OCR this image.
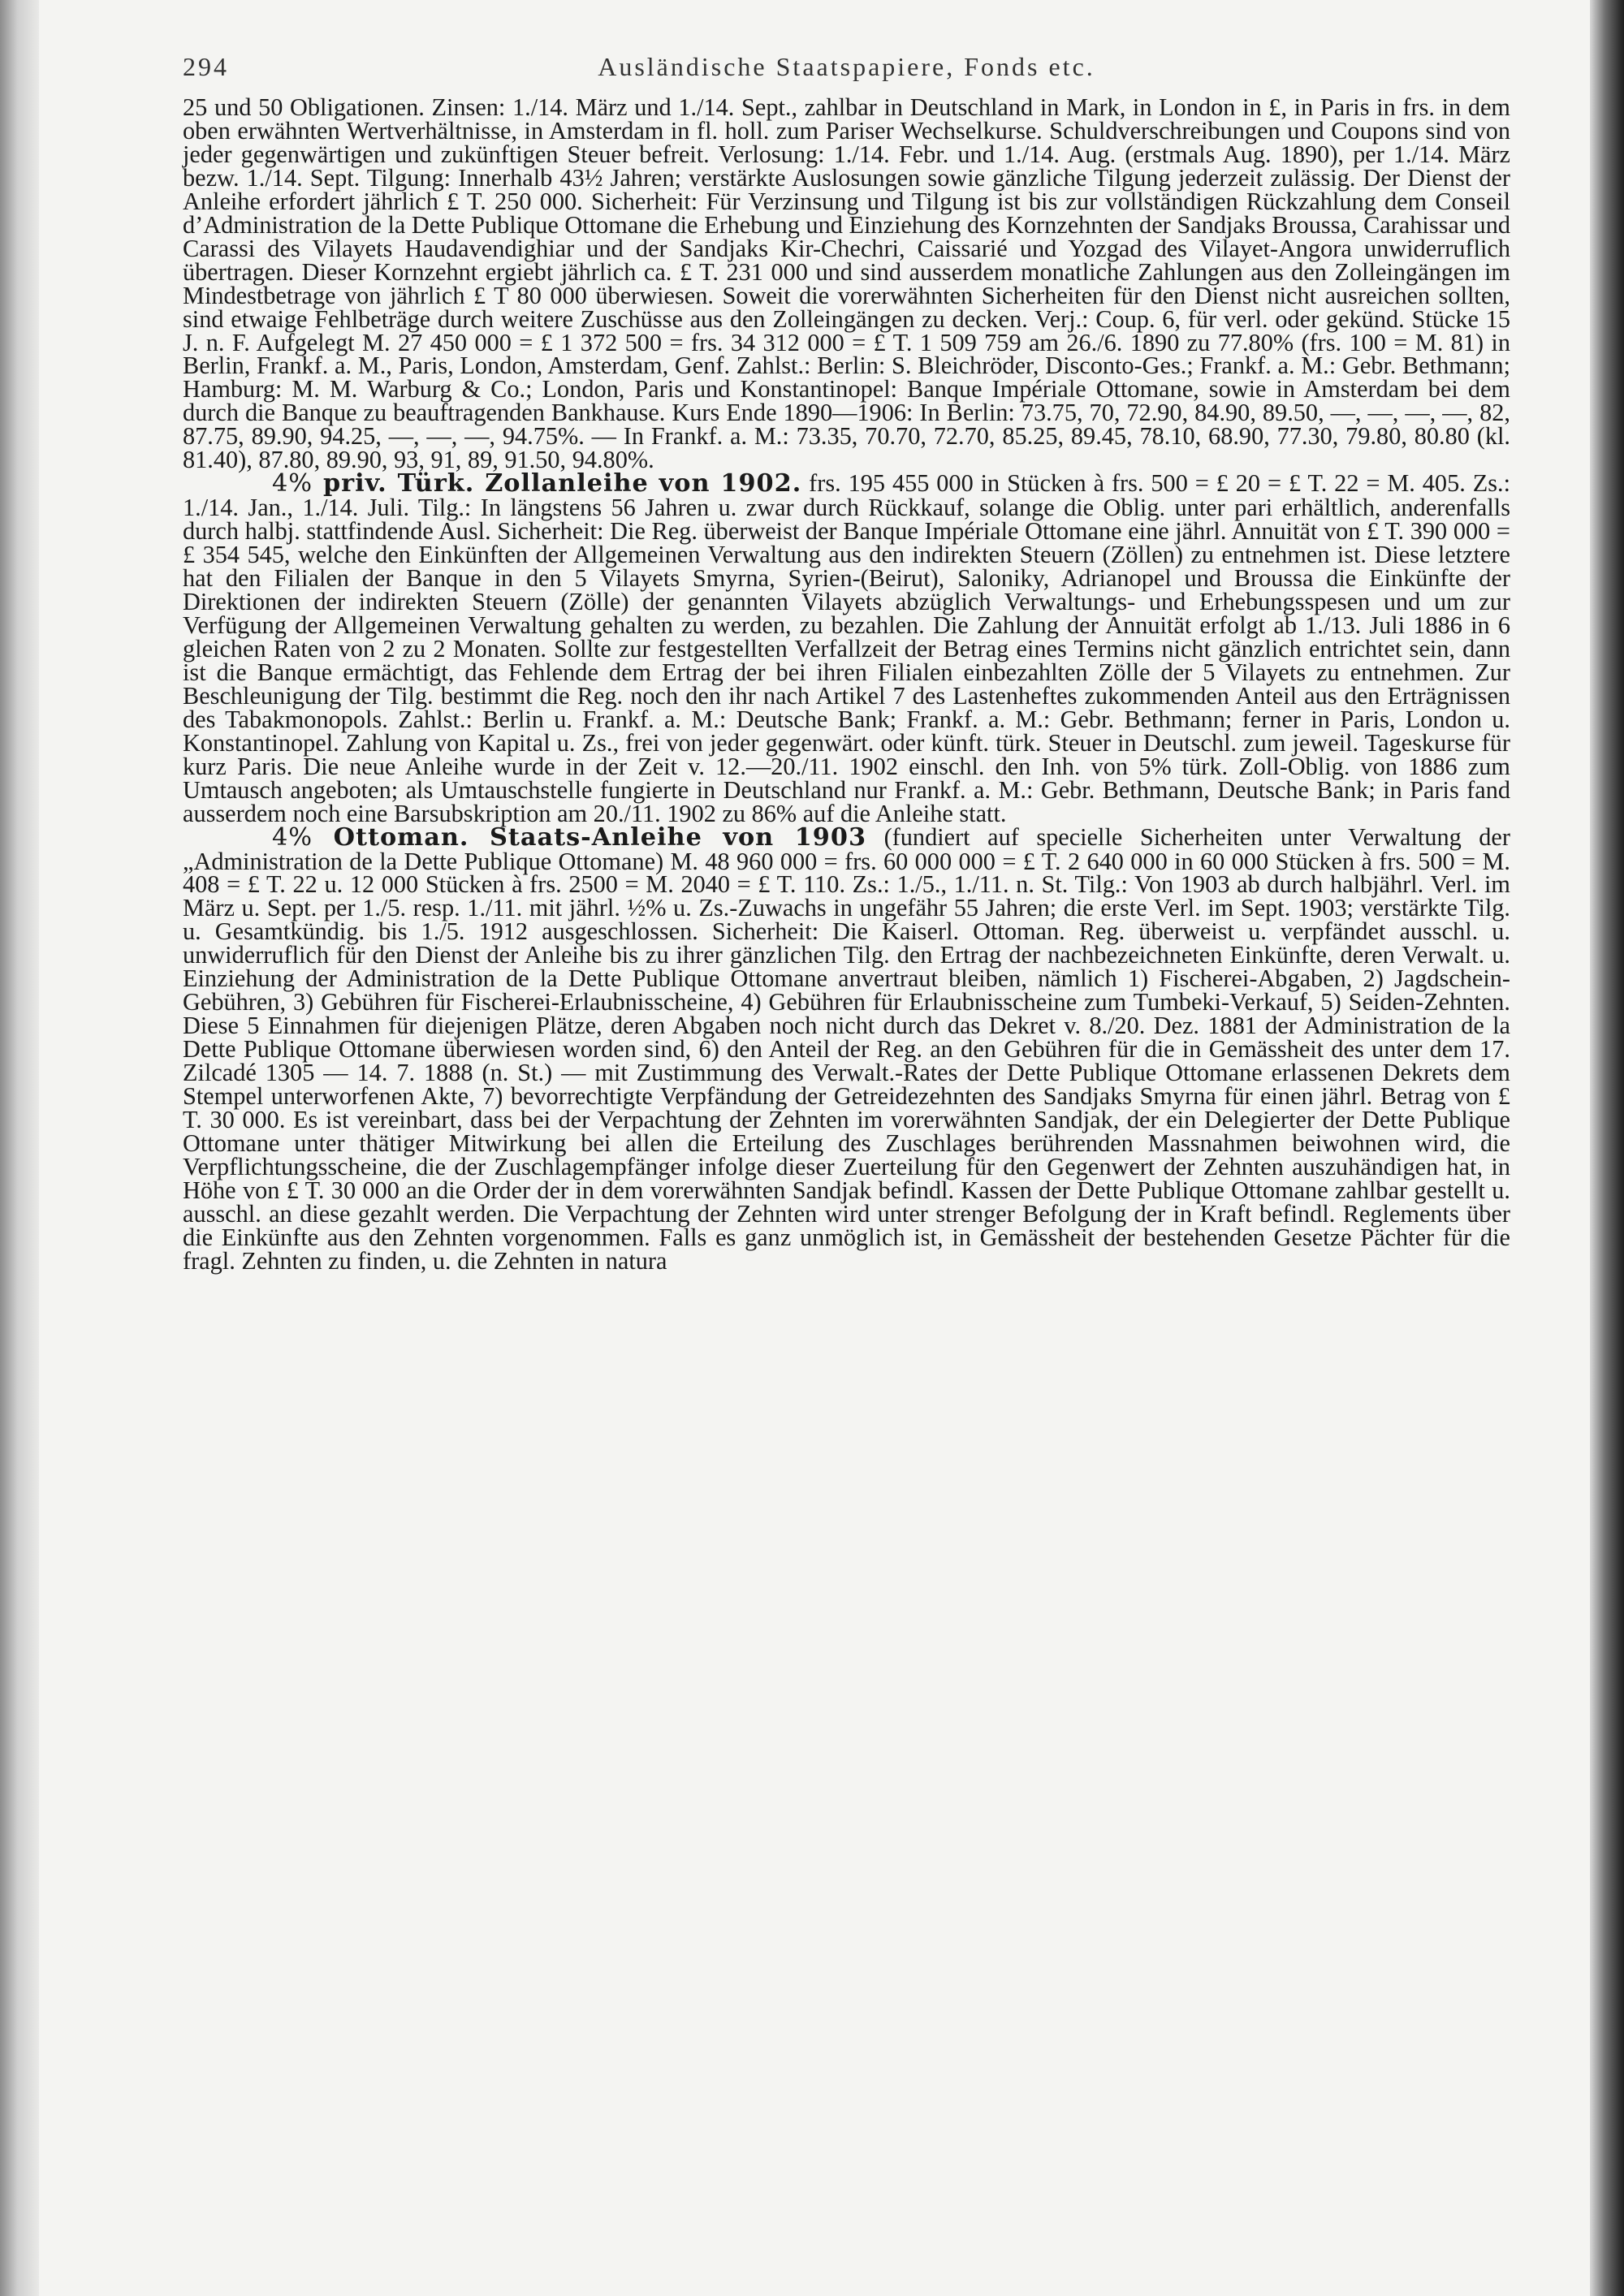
294	Ausländische Staatspapiere, Fonds etc.

25 und 50 Obligationen. Zinsen: 1./14. März und 1./14. Sept., zahlbar in Deutschland in Mark, in London in £, in Paris in frs. in dem oben erwähnten Wertverhältnisse, in Amsterdam in fl. holl. zum Pariser Wechselkurse. Schuldverschreibungen und Coupons sind von jeder gegenwärtigen und zukünftigen Steuer befreit. Verlosung: 1./14. Febr. und 1./14. Aug. (erstmals Aug. 1890), per 1./14. März bezw. 1./14. Sept. Tilgung: Innerhalb 43½ Jahren; verstärkte Auslosungen sowie gänzliche Tilgung jederzeit zulässig. Der Dienst der Anleihe erfordert jährlich £ T. 250 000. Sicherheit: Für Verzinsung und Tilgung ist bis zur vollständigen Rückzahlung dem Conseil d’Administration de la Dette Publique Ottomane die Erhebung und Einziehung des Kornzehnten der Sandjaks Broussa, Carahissar und Carassi des Vilayets Haudavendighiar und der Sandjaks Kir-Chechri, Caissarié und Yozgad des Vilayet-Angora unwiderruflich übertragen. Dieser Kornzehnt ergiebt jährlich ca. £ T. 231 000 und sind ausserdem monatliche Zahlungen aus den Zolleingängen im Mindestbetrage von jährlich £ T 80 000 überwiesen. Soweit die vorerwähnten Sicherheiten für den Dienst nicht ausreichen sollten, sind etwaige Fehlbeträge durch weitere Zuschüsse aus den Zolleingängen zu decken. Verj.: Coup. 6, für verl. oder gekünd. Stücke 15 J. n. F. Aufgelegt M. 27 450 000 = £ 1 372 500 = frs. 34 312 000 = £ T. 1 509 759 am 26./6. 1890 zu 77.80% (frs. 100 = M. 81) in Berlin, Frankf. a. M., Paris, London, Amsterdam, Genf. Zahlst.: Berlin: S. Bleichröder, Disconto-Ges.; Frankf. a. M.: Gebr. Bethmann; Hamburg: M. M. Warburg & Co.; London, Paris und Konstantinopel: Banque Impériale Ottomane, sowie in Amsterdam bei dem durch die Banque zu beauftragenden Bankhause. Kurs Ende 1890—1906: In Berlin: 73.75, 70, 72.90, 84.90, 89.50, —, —, —, —, 82, 87.75, 89.90, 94.25, —, —, —, 94.75%. — In Frankf. a. M.: 73.35, 70.70, 72.70, 85.25, 89.45, 78.10, 68.90, 77.30, 79.80, 80.80 (kl. 81.40), 87.80, 89.90, 93, 91, 89, 91.50, 94.80%.

4% priv. Türk. Zollanleihe von 1902. frs. 195 455 000 in Stücken à frs. 500 = £ 20 = £ T. 22 = M. 405. Zs.: 1./14. Jan., 1./14. Juli. Tilg.: In längstens 56 Jahren u. zwar durch Rückkauf, solange die Oblig. unter pari erhältlich, anderenfalls durch halbj. stattfindende Ausl. Sicherheit: Die Reg. überweist der Banque Impériale Ottomane eine jährl. Annuität von £ T. 390 000 = £ 354 545, welche den Einkünften der Allgemeinen Verwaltung aus den indirekten Steuern (Zöllen) zu entnehmen ist. Diese letztere hat den Filialen der Banque in den 5 Vilayets Smyrna, Syrien-(Beirut), Saloniky, Adrianopel und Broussa die Einkünfte der Direktionen der indirekten Steuern (Zölle) der genannten Vilayets abzüglich Verwaltungs- und Erhebungsspesen und um zur Verfügung der Allgemeinen Verwaltung gehalten zu werden, zu bezahlen. Die Zahlung der Annuität erfolgt ab 1./13. Juli 1886 in 6 gleichen Raten von 2 zu 2 Monaten. Sollte zur festgestellten Verfallzeit der Betrag eines Termins nicht gänzlich entrichtet sein, dann ist die Banque ermächtigt, das Fehlende dem Ertrag der bei ihren Filialen einbezahlten Zölle der 5 Vilayets zu entnehmen. Zur Beschleunigung der Tilg. bestimmt die Reg. noch den ihr nach Artikel 7 des Lastenheftes zukommenden Anteil aus den Erträgnissen des Tabakmonopols. Zahlst.: Berlin u. Frankf. a. M.: Deutsche Bank; Frankf. a. M.: Gebr. Bethmann; ferner in Paris, London u. Konstantinopel. Zahlung von Kapital u. Zs., frei von jeder gegenwärt. oder künft. türk. Steuer in Deutschl. zum jeweil. Tageskurse für kurz Paris. Die neue Anleihe wurde in der Zeit v. 12.—20./11. 1902 einschl. den Inh. von 5% türk. Zoll-Oblig. von 1886 zum Umtausch angeboten; als Umtauschstelle fungierte in Deutschland nur Frankf. a. M.: Gebr. Bethmann, Deutsche Bank; in Paris fand ausserdem noch eine Barsubskription am 20./11. 1902 zu 86% auf die Anleihe statt.

4% Ottoman. Staats-Anleihe von 1903 (fundiert auf specielle Sicherheiten unter Verwaltung der „Administration de la Dette Publique Ottomane) M. 48 960 000 = frs. 60 000 000 = £ T. 2 640 000 in 60 000 Stücken à frs. 500 = M. 408 = £ T. 22 u. 12 000 Stücken à frs. 2500 = M. 2040 = £ T. 110. Zs.: 1./5., 1./11. n. St. Tilg.: Von 1903 ab durch halbjährl. Verl. im März u. Sept. per 1./5. resp. 1./11. mit jährl. ½% u. Zs.-Zuwachs in ungefähr 55 Jahren; die erste Verl. im Sept. 1903; verstärkte Tilg. u. Gesamtkündig. bis 1./5. 1912 ausgeschlossen. Sicherheit: Die Kaiserl. Ottoman. Reg. überweist u. verpfändet ausschl. u. unwiderruflich für den Dienst der Anleihe bis zu ihrer gänzlichen Tilg. den Ertrag der nachbezeichneten Einkünfte, deren Verwalt. u. Einziehung der Administration de la Dette Publique Ottomane anvertraut bleiben, nämlich 1) Fischerei-Abgaben, 2) Jagdschein-Gebühren, 3) Gebühren für Fischerei-Erlaubnisscheine, 4) Gebühren für Erlaubnisscheine zum Tumbeki-Verkauf, 5) Seiden-Zehnten. Diese 5 Einnahmen für diejenigen Plätze, deren Abgaben noch nicht durch das Dekret v. 8./20. Dez. 1881 der Administration de la Dette Publique Ottomane überwiesen worden sind, 6) den Anteil der Reg. an den Gebühren für die in Gemässheit des unter dem 17. Zilcadé 1305 — 14. 7. 1888 (n. St.) — mit Zustimmung des Verwalt.-Rates der Dette Publique Ottomane erlassenen Dekrets dem Stempel unterworfenen Akte, 7) bevorrechtigte Verpfändung der Getreidezehnten des Sandjaks Smyrna für einen jährl. Betrag von £ T. 30 000. Es ist vereinbart, dass bei der Verpachtung der Zehnten im vorerwähnten Sandjak, der ein Delegierter der Dette Publique Ottomane unter thätiger Mitwirkung bei allen die Erteilung des Zuschlages berührenden Massnahmen beiwohnen wird, die Verpflichtungsscheine, die der Zuschlagempfänger infolge dieser Zuerteilung für den Gegenwert der Zehnten auszuhändigen hat, in Höhe von £ T. 30 000 an die Order der in dem vorerwähnten Sandjak befindl. Kassen der Dette Publique Ottomane zahlbar gestellt u. ausschl. an diese gezahlt werden. Die Verpachtung der Zehnten wird unter strenger Befolgung der in Kraft befindl. Reglements über die Einkünfte aus den Zehnten vorgenommen. Falls es ganz unmöglich ist, in Gemässheit der bestehenden Gesetze Pächter für die fragl. Zehnten zu finden, u. die Zehnten in natura
